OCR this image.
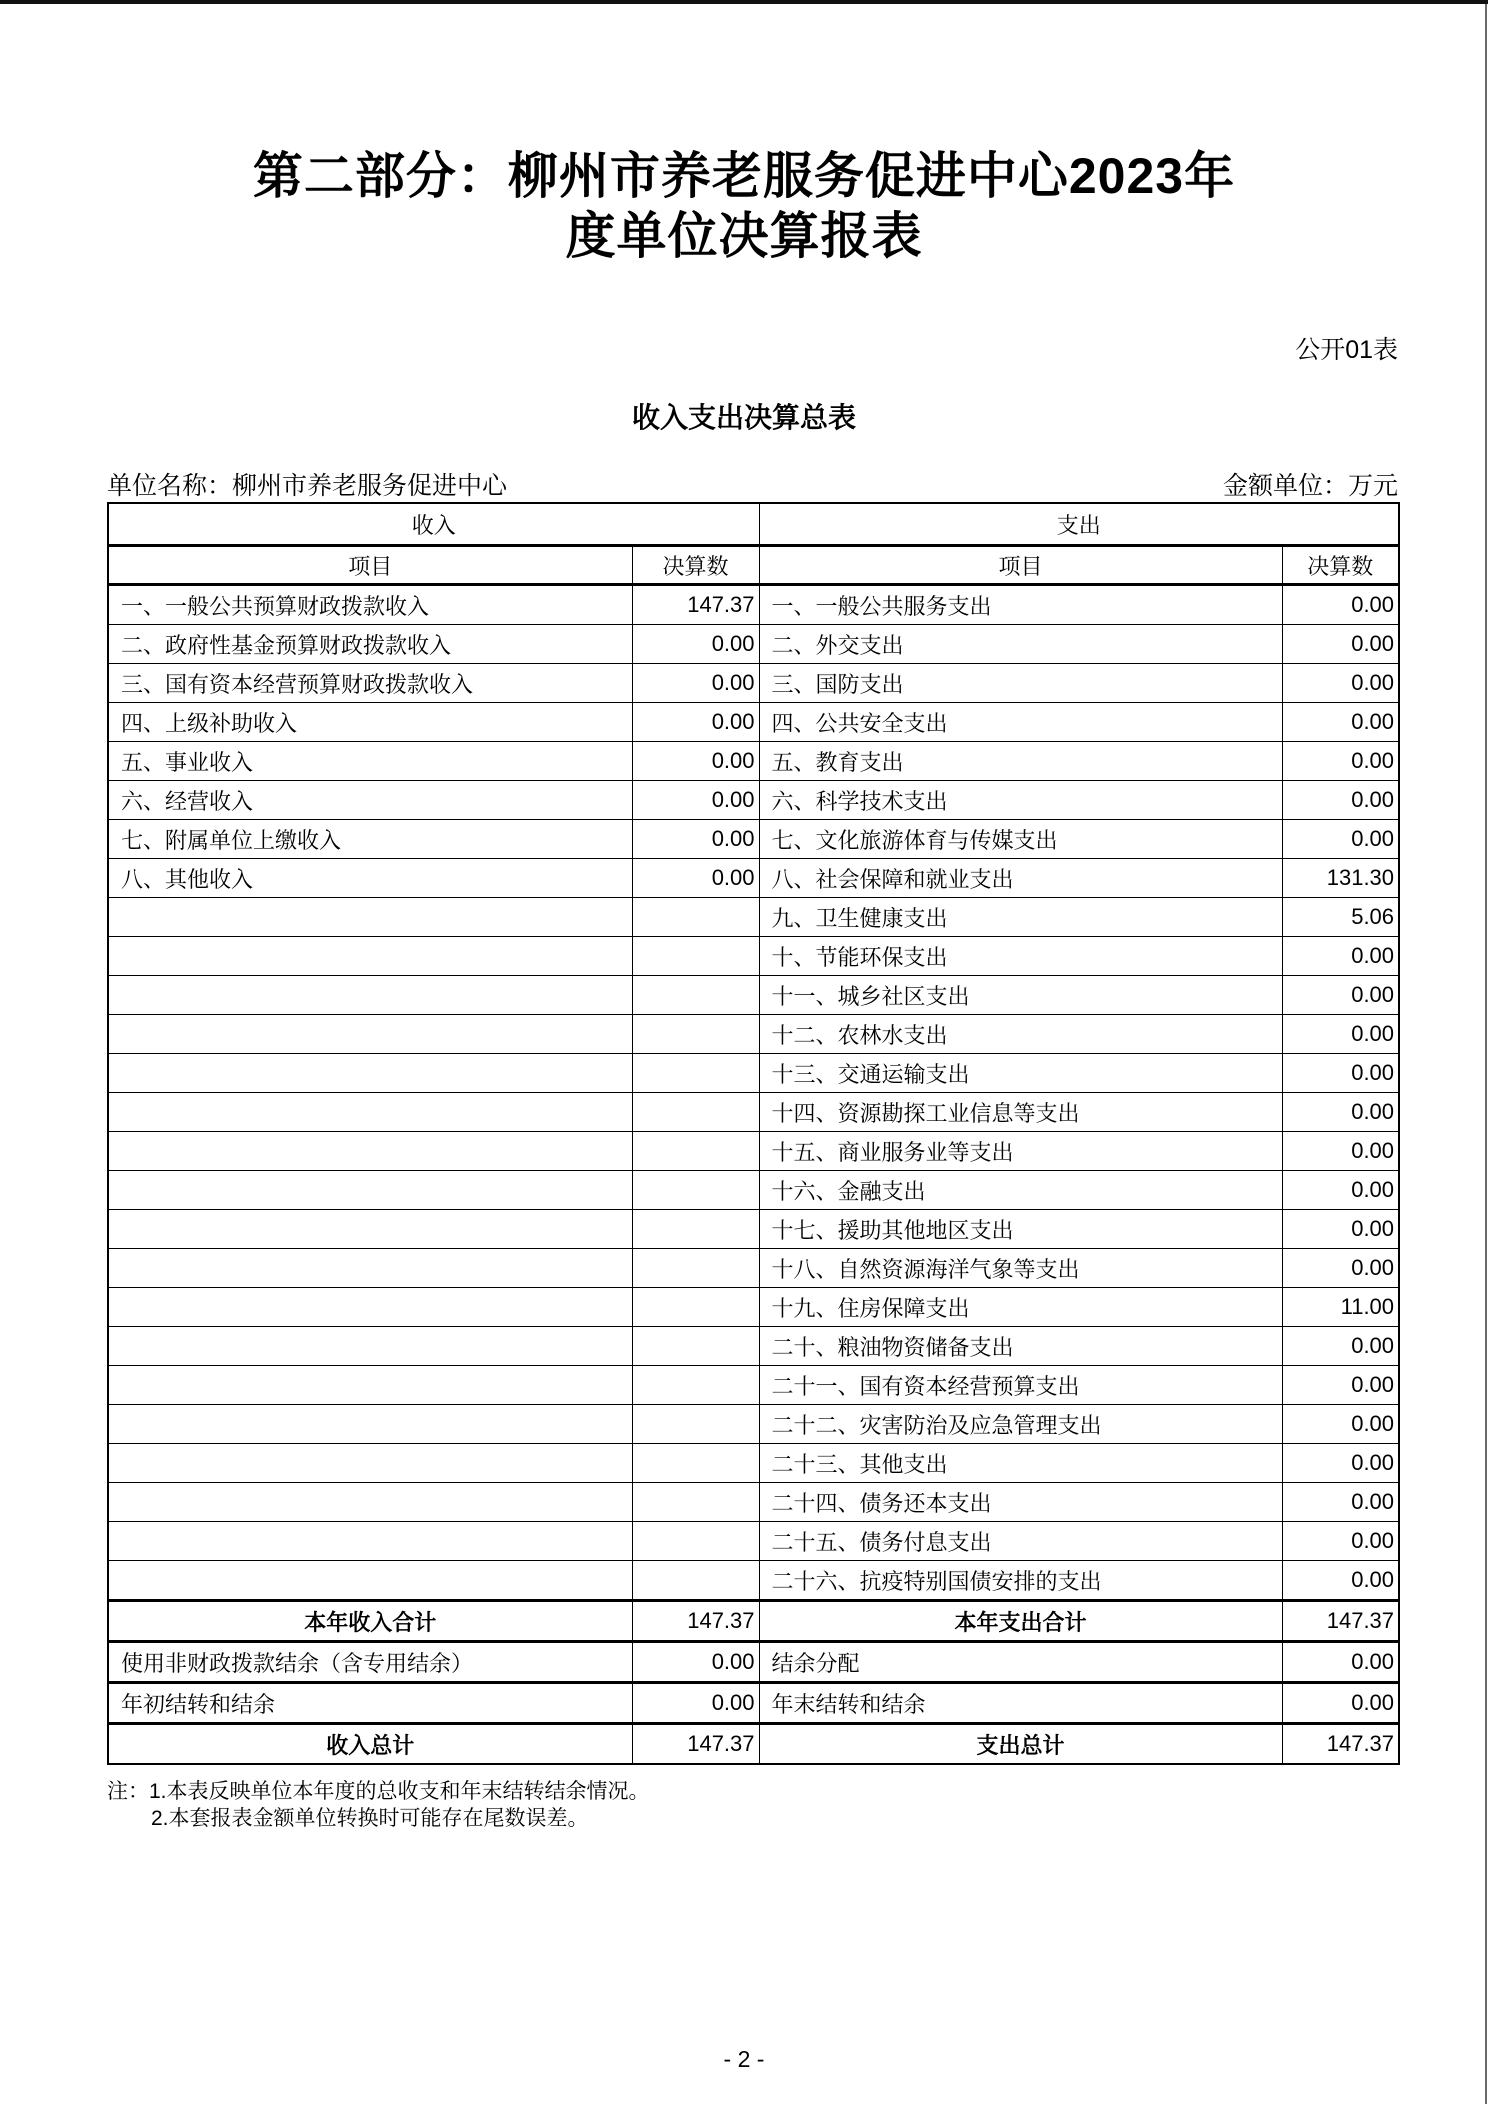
第二部分：柳州市养老服务促进中心2023年
度单位决算报表
公开01表
收入支出决算总表
单位名称：柳州市养老服务促进中心	金额单位：万元
收入		支出	
项目	决算数	项目	决算数
一、一般公共预算财政拨款收入	147.37	一、一般公共服务支出	0.00
二、政府性基金预算财政拨款收入	0.00	二、外交支出	0.00
三、国有资本经营预算财政拨款收入	0.00	三、国防支出	0.00
四、上级补助收入	0.00	四、公共安全支出	0.00
五、事业收入	0.00	五、教育支出	0.00
六、经营收入	0.00	六、科学技术支出	0.00
七、附属单位上缴收入	0.00	七、文化旅游体育与传媒支出	0.00
八、其他收入	0.00	八、社会保障和就业支出	131.30
		九、卫生健康支出	5.06
		十、节能环保支出	0.00
		十一、城乡社区支出	0.00
		十二、农林水支出	0.00
		十三、交通运输支出	0.00
		十四、资源勘探工业信息等支出	0.00
		十五、商业服务业等支出	0.00
		十六、金融支出	0.00
		十七、援助其他地区支出	0.00
		十八、自然资源海洋气象等支出	0.00
		十九、住房保障支出	11.00
		二十、粮油物资储备支出	0.00
		二十一、国有资本经营预算支出	0.00
		二十二、灾害防治及应急管理支出	0.00
		二十三、其他支出	0.00
		二十四、债务还本支出	0.00
		二十五、债务付息支出	0.00
		二十六、抗疫特别国债安排的支出	0.00
本年收入合计	147.37	本年支出合计	147.37
使用非财政拨款结余（含专用结余）	0.00	结余分配	0.00
年初结转和结余	0.00	年末结转和结余	0.00
收入总计	147.37	支出总计	147.37
注：1.本表反映单位本年度的总收支和年末结转结余情况。
2.本套报表金额单位转换时可能存在尾数误差。
- 2 -
